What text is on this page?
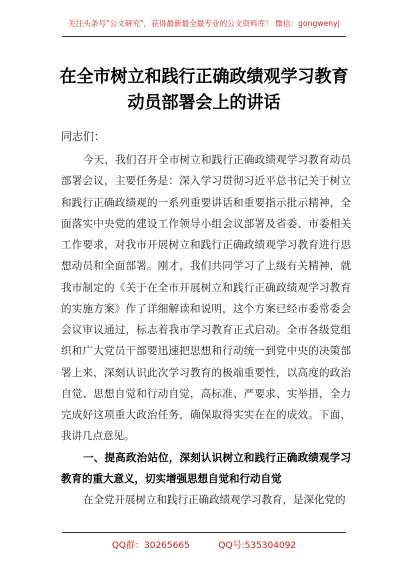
关注头条号"公文研究"，获得最新最全最专业的公文资料库！ 微信：gongwenyj
在全市树立和践行正确政绩观学习教育动员部署会上的讲话
同志们：

今天，我们召开全市树立和践行正确政绩观学习教育动员部署会议，主要任务是：深入学习贯彻习近平总书记关于树立和践行正确政绩观的一系列重要讲话和重要指示批示精神，全面落实中央党的建设工作领导小组会议部署及省委、市委相关工作要求，对我市开展树立和践行正确政绩观学习教育进行思想动员和全面部署。刚才，我们共同学习了上级有关精神，就我市制定的《关于在全市开展树立和践行正确政绩观学习教育的实施方案》作了详细解读和说明，这个方案已经市委常委会会议审议通过，标志着我市学习教育正式启动。全市各级党组织和广大党员干部要迅速把思想和行动统一到党中央的决策部署上来，深刻认识此次学习教育的极端重要性，以高度的政治自觉、思想自觉和行动自觉，高标准、严要求、实举措，全力完成好这项重大政治任务，确保取得实实在在的成效。下面，我讲几点意见。

一、提高政治站位，深刻认识树立和践行正确政绩观学习教育的重大意义，切实增强思想自觉和行动自觉

在全党开展树立和践行正确政绩观学习教育，是深化党的

QQ群：30265665          QQ号:535304092
